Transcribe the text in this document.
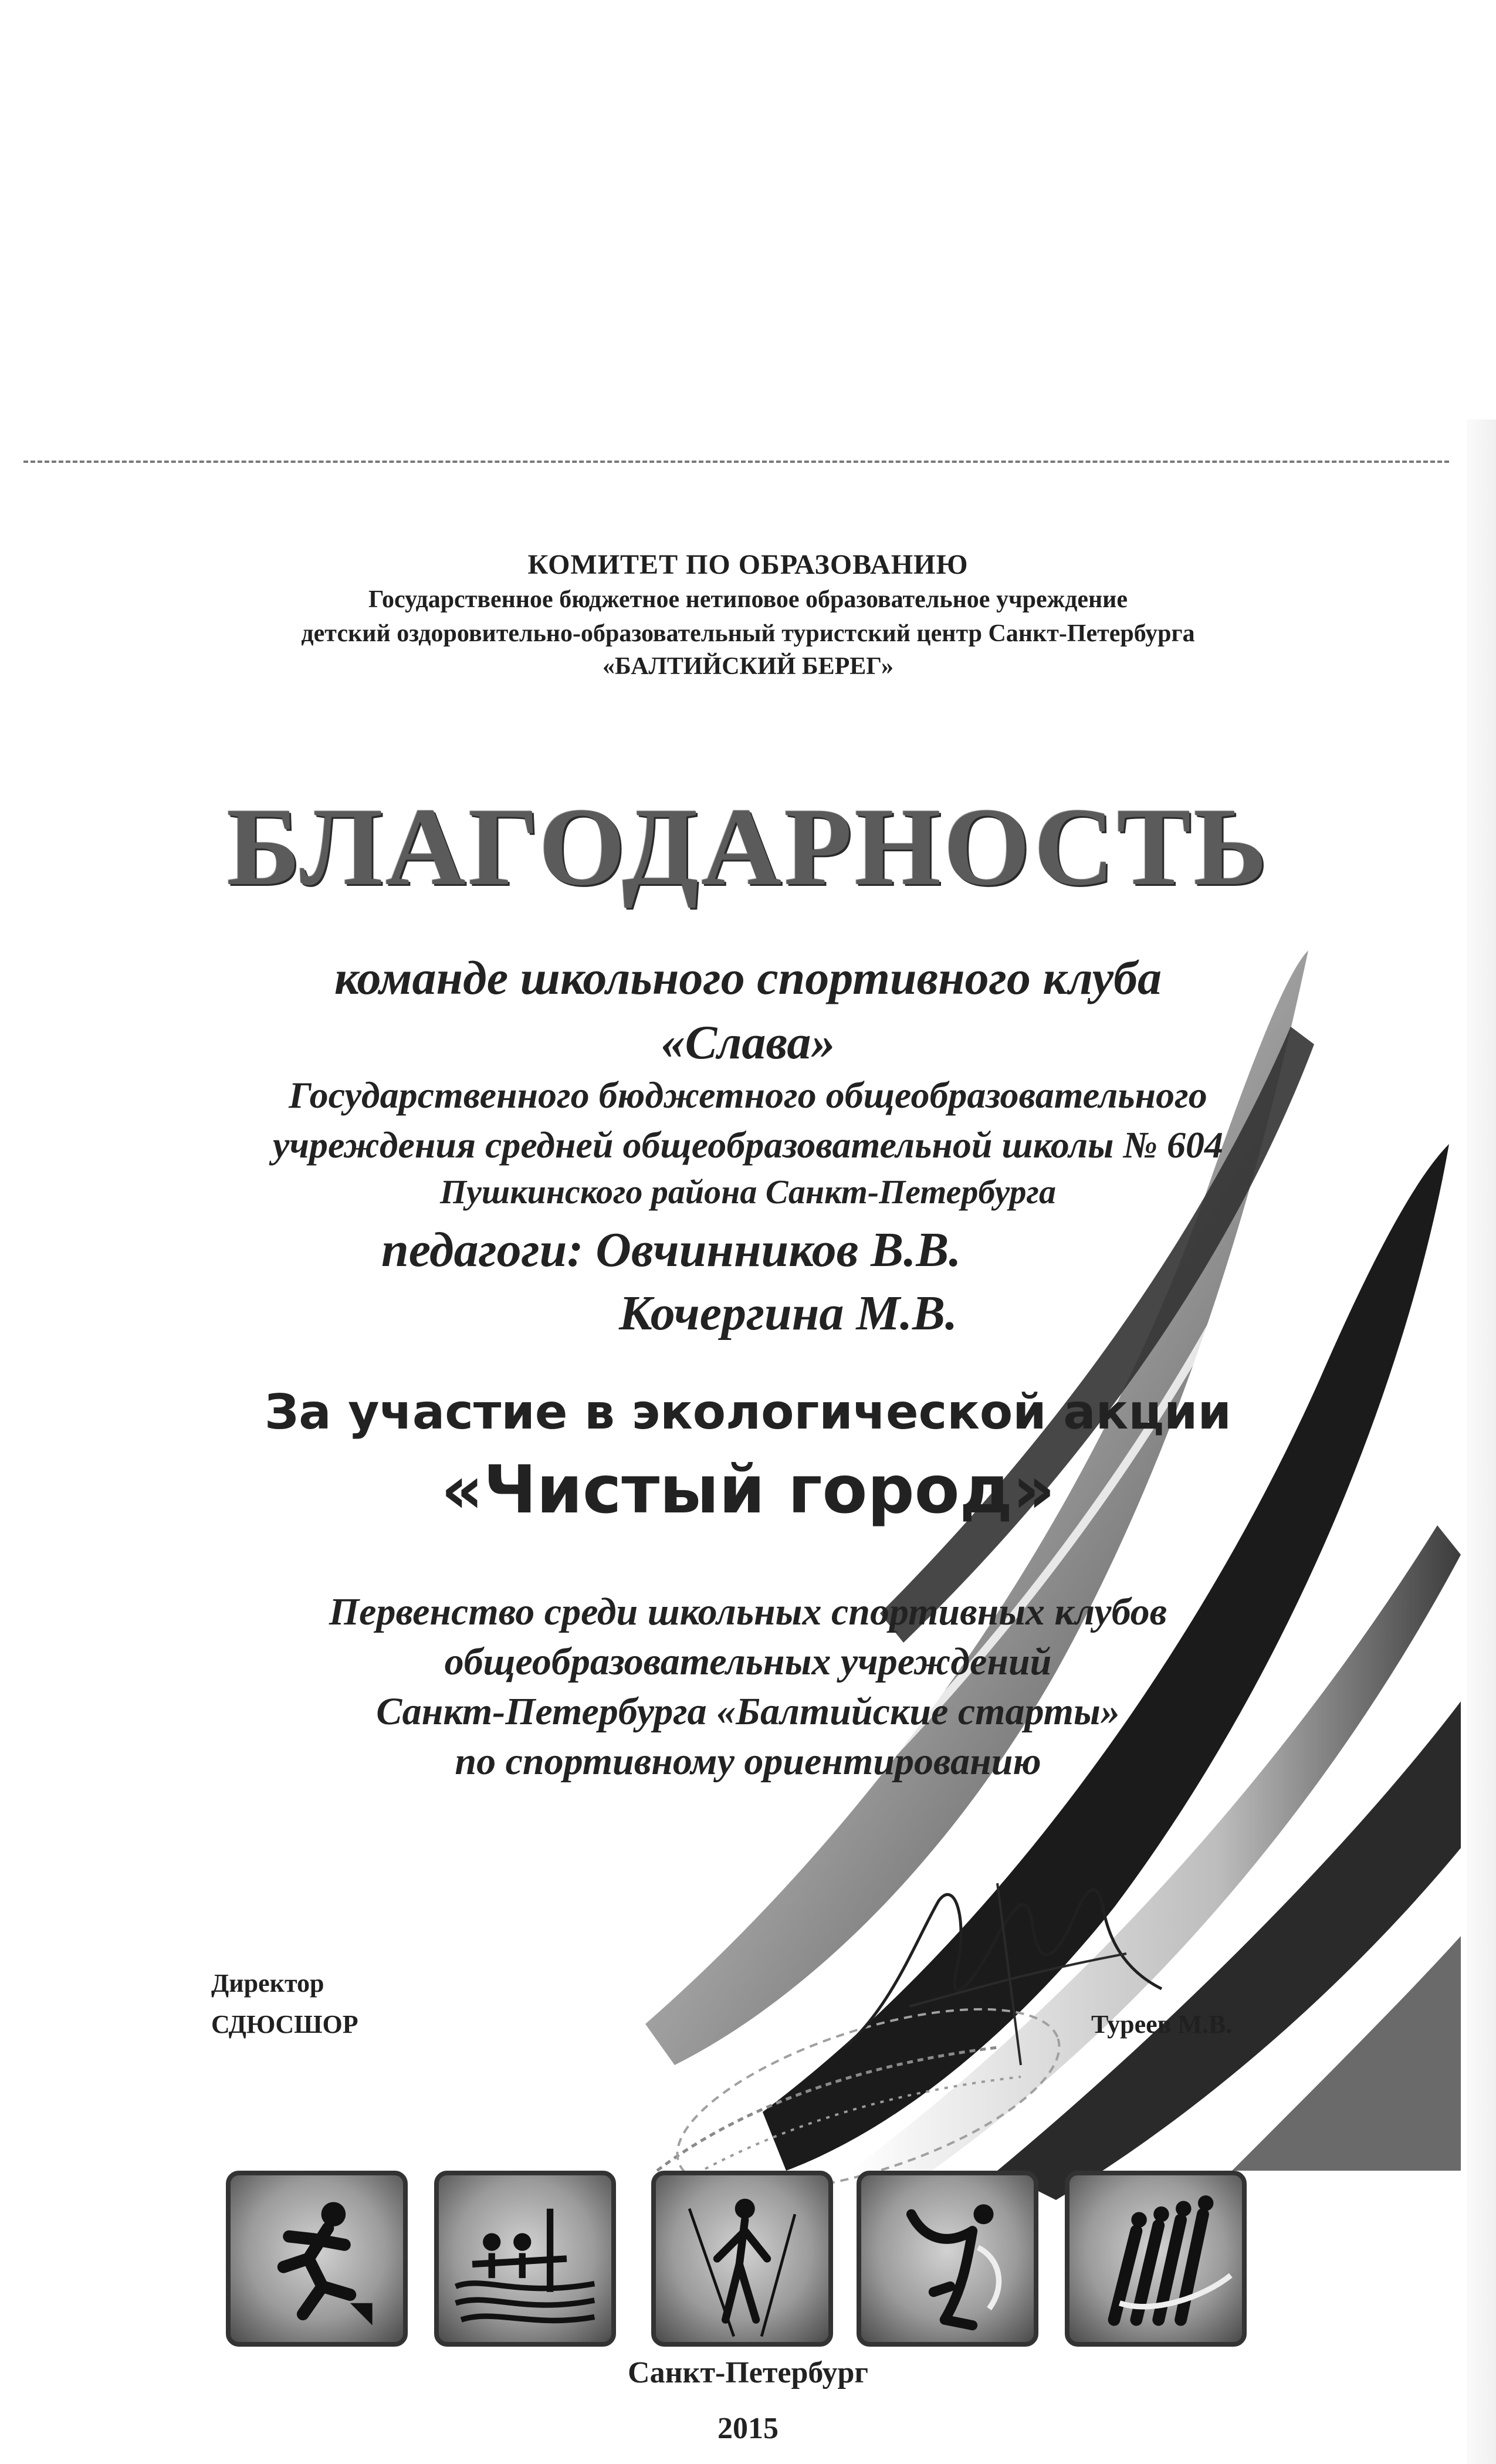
КОМИТЕТ ПО ОБРАЗОВАНИЮ
Государственное бюджетное нетиповое образовательное учреждение
детский оздоровительно-образовательный туристский центр Санкт-Петербурга
«БАЛТИЙСКИЙ БЕРЕГ»
БЛАГОДАРНОСТЬ
команде школьного спортивного клуба
«Слава»
Государственного бюджетного общеобразовательного
учреждения средней общеобразовательной школы № 604
Пушкинского района Санкт-Петербурга
педагоги: Овчинников В.В.
Кочергина М.В.
За участие в экологической акции
«Чистый город»
Первенство среди школьных спортивных клубов
общеобразовательных учреждений
Санкт-Петербурга «Балтийские старты»
по спортивному ориентированию
Директор
СДЮСШОР	Туреев М.В.
Санкт-Петербург
2015
